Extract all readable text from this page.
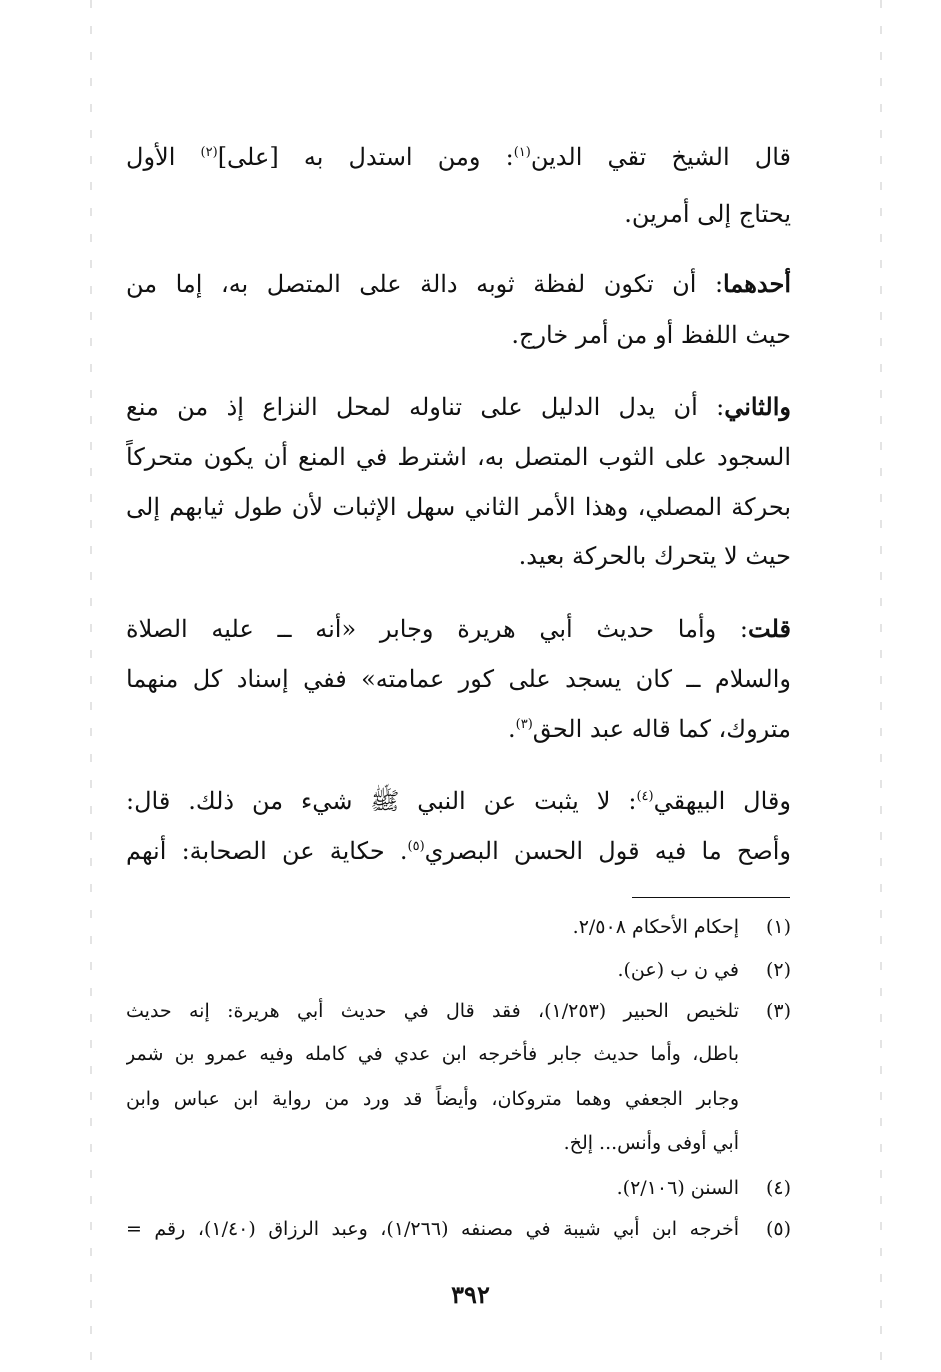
قال الشيخ تقي الدين$^{(١)}$: ومن استدل به [على]$^{(٢)}$ الأول
يحتاج إلى أمرين.
أحدهما: أن تكون لفظة ثوبه دالة على المتصل به، إما من
حيث اللفظ أو من أمر خارج.
والثاني: أن يدل الدليل على تناوله لمحل النزاع إذ من منع
السجود على الثوب المتصل به، اشترط في المنع أن يكون متحركاً
بحركة المصلي، وهذا الأمر الثاني سهل الإثبات لأن طول ثيابهم إلى
حيث لا يتحرك بالحركة بعيد.
قلت: وأما حديث أبي هريرة وجابر «أنه ــ عليه الصلاة
والسلام ــ كان يسجد على كور عمامته» ففي إسناد كل منهما
متروك، كما قاله عبد الحق$^{(٣)}$.
وقال البيهقي$^{(٤)}$: لا يثبت عن النبي ﷺ شيء من ذلك. قال:
وأصح ما فيه قول الحسن البصري$^{(٥)}$. حكاية عن الصحابة: أنهم
(١)
إحكام الأحكام ٢/٥٠٨.
(٢)
في ن ب (عن).
(٣)
تلخيص الحبير (١/٢٥٣)، فقد قال في حديث أبي هريرة: إنه حديث
باطل، وأما حديث جابر فأخرجه ابن عدي في كامله وفيه عمرو بن شمر
وجابر الجعفي وهما متروكان، وأيضاً قد ورد من رواية ابن عباس وابن
أبي أوفى وأنس... إلخ.
(٤)
السنن (٢/١٠٦).
(٥)
أخرجه ابن أبي شيبة في مصنفه (١/٢٦٦)، وعبد الرزاق (١/٤٠)، رقم =
٣٩٢
